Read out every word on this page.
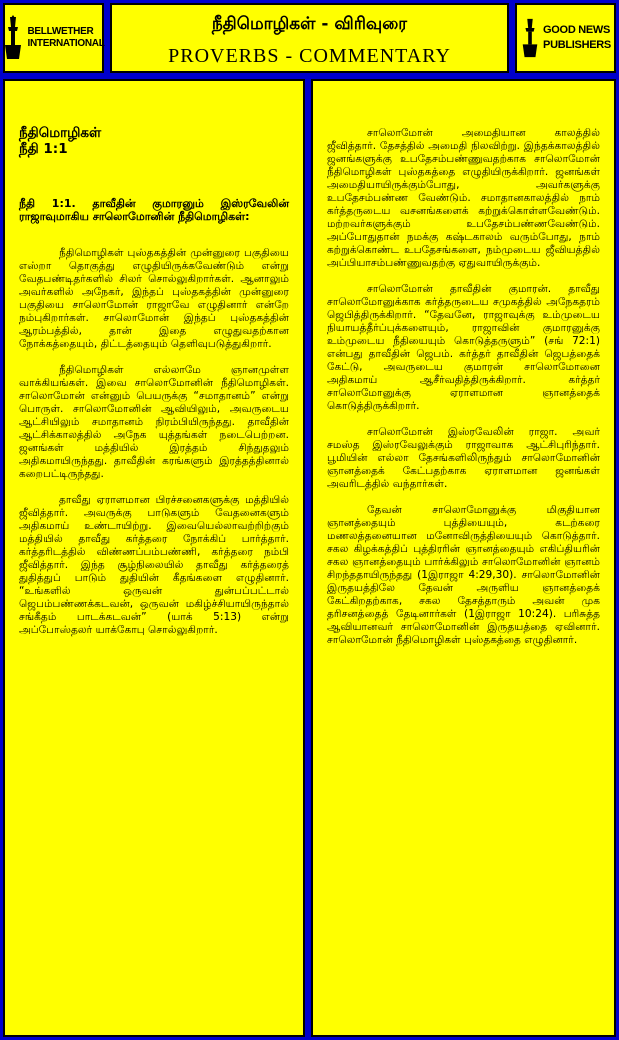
BELLWETHER
INTERNATIONAL
நீதிமொழிகள் - விரிவுரை
PROVERBS - COMMENTARY
GOOD NEWS
PUBLISHERS
நீதிமொழிகள்
நீதி 1:1
நீதி 1:1. தாவீதின் குமாரனும் இஸ்ரவேலின் ராஜாவுமாகிய சாலொமோனின் நீதிமொழிகள்:

நீதிமொழிகள் புஸ்தகத்தின் முன்னுரை பகுதியை எஸ்றா தொகுத்து எழுதியிருக்கவேண்டும் என்று வேதபண்டிதர்களில் சிலர் சொல்லுகிறார்கள். ஆனாலும் அவர்களில் அநேகர், இந்தப் புஸ்தகத்தின் முன்னுரை பகுதியை சாலொமோன் ராஜாவே எழுதினார் என்றே நம்புகிறார்கள். சாலொமோன் இந்தப் புஸ்தகத்தின் ஆரம்பத்தில், தான் இதை எழுதுவதற்கான நோக்கத்தையும், திட்டத்தையும் தெளிவுபடுத்துகிறார்.

நீதிமொழிகள் எல்லாமே ஞானமுள்ள வாக்கியங்கள். இவை சாலொமோனின் நீதிமொழிகள். சாலொமோன் என்னும் பெயருக்கு “சமாதானம்” என்று பொருள். சாலொமோனின் ஆவியிலும், அவருடைய ஆட்சியிலும் சமாதானம் நிரம்பியிருந்தது. தாவீதின் ஆட்சிக்காலத்தில் அநேக யுத்தங்கள் நடைபெற்றன. ஜனங்கள் மத்தியில் இரத்தம் சிந்துதலும் அதிகமாயிருந்தது. தாவீதின் கரங்களும் இரத்தத்தினால் கறைபட்டிருந்தது.

தாவீது ஏராளமான பிரச்சனைகளுக்கு மத்தியில் ஜீவித்தார். அவருக்கு பாடுகளும் வேதனைகளும் அதிகமாய் உண்டாயிற்று. இவையெல்லாவற்றிற்கும் மத்தியில் தாவீது கர்த்தரை நோக்கிப் பார்த்தார். கர்த்தரிடத்தில் விண்ணப்பம்பண்ணி, கர்த்தரை நம்பி ஜீவித்தார். இந்த சூழ்நிலையில் தாவீது கர்த்தரைத் துதித்துப் பாடும் துதியின் கீதங்களை எழுதினார். “உங்களில் ஒருவன் துன்பப்பட்டால் ஜெபம்பண்ணக்கடவன், ஒருவன் மகிழ்ச்சியாயிருந்தால் சங்கீதம் பாடக்கடவன்” (யாக் 5:13) என்று அப்போஸ்தலர் யாக்கோபு சொல்லுகிறார்.

சாலொமோன் அமைதியான காலத்தில் ஜீவித்தார். தேசத்தில் அமைதி நிலவிற்று. இந்தக்காலத்தில் ஜனங்களுக்கு உபதேசம்பண்ணுவதற்காக சாலொமோன் நீதிமொழிகள் புஸ்தகத்தை எழுதியிருக்கிறார். ஜனங்கள் அமைதியாயிருக்கும்போது, அவர்களுக்கு உபதேசம்பண்ண வேண்டும். சமாதானகாலத்தில் நாம் கர்த்தருடைய வசனங்களைக் கற்றுக்கொள்ளவேண்டும். மற்றவர்களுக்கும் உபதேசம்பண்ணவேண்டும். அப்போதுதான் நமக்கு கஷ்டகாலம் வரும்போது, நாம் கற்றுக்கொண்ட உபதேசங்களை, நம்முடைய ஜீவியத்தில் அப்பியாசம்பண்ணுவதற்கு ஏதுவாயிருக்கும்.

சாலொமோன் தாவீதின் குமாரன். தாவீது சாலொமோனுக்காக கர்த்தருடைய சமுகத்தில் அநேகதரம் ஜெபித்திருக்கிறார். “தேவனே, ராஜாவுக்கு உம்முடைய நியாயத்தீர்ப்புக்களையும், ராஜாவின் குமாரனுக்கு உம்முடைய நீதியையும் கொடுத்தருளும்” (சங் 72:1) என்பது தாவீதின் ஜெபம். கர்த்தர் தாவீதின் ஜெபத்தைக் கேட்டு, அவருடைய குமாரன் சாலொமோனை அதிகமாய் ஆசீர்வதித்திருக்கிறார். கர்த்தர் சாலொமோனுக்கு ஏராளமான ஞானத்தைக் கொடுத்திருக்கிறார்.

சாலொமோன் இஸ்ரவேலின் ராஜா. அவர் சமஸ்த இஸ்ரவேலுக்கும் ராஜாவாக ஆட்சிபுரிந்தார். பூமியின் எல்லா தேசங்களிலிருந்தும் சாலொமோனின் ஞானத்தைக் கேட்பதற்காக ஏராளமான ஜனங்கள் அவரிடத்தில் வந்தார்கள்.

தேவன் சாலொமோனுக்கு மிகுதியான ஞானத்தையும் புத்தியையும், கடற்கரை மணலத்தனையான மனோவிருத்தியையும் கொடுத்தார். சகல கிழக்கத்திப் புத்திரரின் ஞானத்தையும் எகிப்தியரின் சகல ஞானத்தையும் பார்க்கிலும் சாலொமோனின் ஞானம் சிறந்ததாயிருந்தது (1இராஜா 4:29,30). சாலொமோனின் இருதயத்திலே தேவன் அருளிய ஞானத்தைக் கேட்கிறதற்காக, சகல தேசத்தாரும் அவன் முக தரிசனத்தைத் தேடினார்கள் (1இராஜா 10:24). பரிசுத்த ஆவியானவர் சாலொமோனின் இருதயத்தை ஏவினார். சாலொமோன் நீதிமொழிகள் புஸ்தகத்தை எழுதினார்.
